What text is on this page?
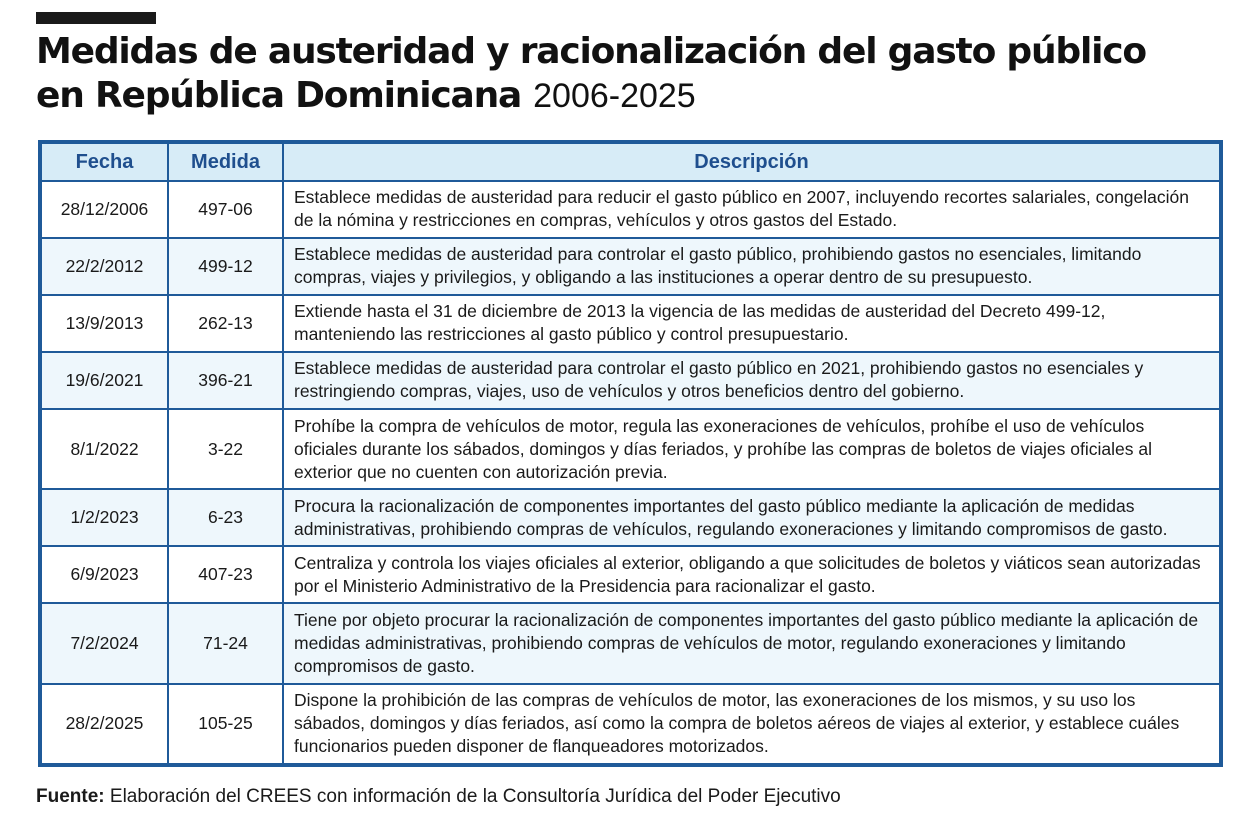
Medidas de austeridad y racionalización del gasto público
en República Dominicana 2006-2025
Fecha	Medida	Descripción
28/12/2006	497-06	Establece medidas de austeridad para reducir el gasto público en 2007, incluyendo recortes salariales, congelación de la nómina y restricciones en compras, vehículos y otros gastos del Estado.
22/2/2012	499-12	Establece medidas de austeridad para controlar el gasto público, prohibiendo gastos no esenciales, limitando compras, viajes y privilegios, y obligando a las instituciones a operar dentro de su presupuesto.
13/9/2013	262-13	Extiende hasta el 31 de diciembre de 2013 la vigencia de las medidas de austeridad del Decreto 499-12, manteniendo las restricciones al gasto público y control presupuestario.
19/6/2021	396-21	Establece medidas de austeridad para controlar el gasto público en 2021, prohibiendo gastos no esenciales y restringiendo compras, viajes, uso de vehículos y otros beneficios dentro del gobierno.
8/1/2022	3-22	Prohíbe la compra de vehículos de motor, regula las exoneraciones de vehículos, prohíbe el uso de vehículos oficiales durante los sábados, domingos y días feriados, y prohíbe las compras de boletos de viajes oficiales al exterior que no cuenten con autorización previa.
1/2/2023	6-23	Procura la racionalización de componentes importantes del gasto público mediante la aplicación de medidas administrativas, prohibiendo compras de vehículos, regulando exoneraciones y limitando compromisos de gasto.
6/9/2023	407-23	Centraliza y controla los viajes oficiales al exterior, obligando a que solicitudes de boletos y viáticos sean autorizadas por el Ministerio Administrativo de la Presidencia para racionalizar el gasto.
7/2/2024	71-24	Tiene por objeto procurar la racionalización de componentes importantes del gasto público mediante la aplicación de medidas administrativas, prohibiendo compras de vehículos de motor, regulando exoneraciones y limitando compromisos de gasto.
28/2/2025	105-25	Dispone la prohibición de las compras de vehículos de motor, las exoneraciones de los mismos, y su uso los sábados, domingos y días feriados, así como la compra de boletos aéreos de viajes al exterior, y establece cuáles funcionarios pueden disponer de flanqueadores motorizados.
Fuente: Elaboración del CREES con información de la Consultoría Jurídica del Poder Ejecutivo
